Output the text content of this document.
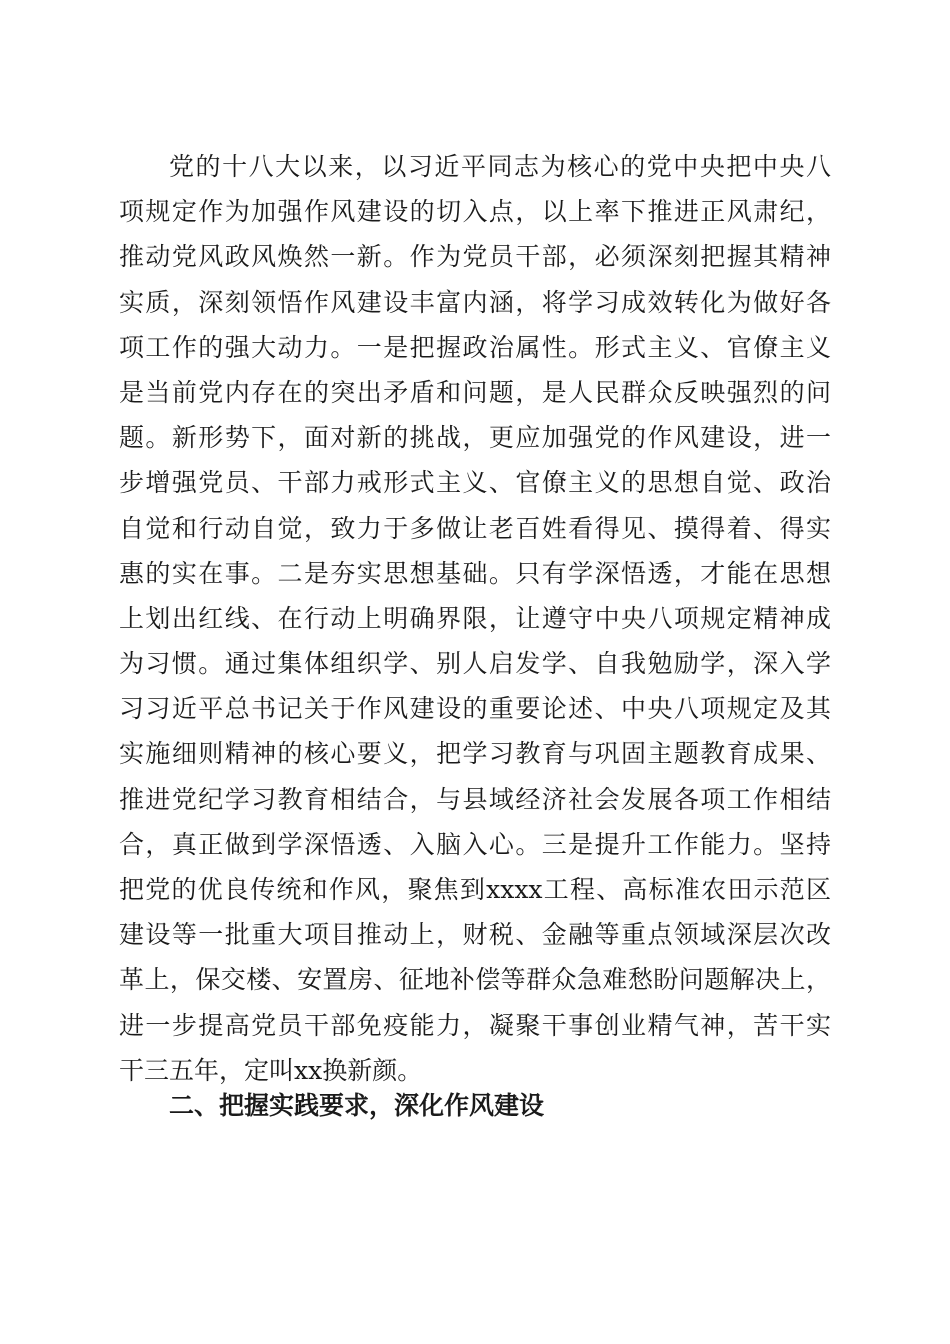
党的十八大以来，以习近平同志为核心的党中央把中央八
项规定作为加强作风建设的切入点，以上率下推进正风肃纪，
推动党风政风焕然一新。作为党员干部，必须深刻把握其精神
实质，深刻领悟作风建设丰富内涵，将学习成效转化为做好各
项工作的强大动力。一是把握政治属性。形式主义、官僚主义
是当前党内存在的突出矛盾和问题，是人民群众反映强烈的问
题。新形势下，面对新的挑战，更应加强党的作风建设，进一
步增强党员、干部力戒形式主义、官僚主义的思想自觉、政治
自觉和行动自觉，致力于多做让老百姓看得见、摸得着、得实
惠的实在事。二是夯实思想基础。只有学深悟透，才能在思想
上划出红线、在行动上明确界限，让遵守中央八项规定精神成
为习惯。通过集体组织学、别人启发学、自我勉励学，深入学
习习近平总书记关于作风建设的重要论述、中央八项规定及其
实施细则精神的核心要义，把学习教育与巩固主题教育成果、
推进党纪学习教育相结合，与县域经济社会发展各项工作相结
合，真正做到学深悟透、入脑入心。三是提升工作能力。坚持
把党的优良传统和作风，聚焦到xxxx工程、高标准农田示范区
建设等一批重大项目推动上，财税、金融等重点领域深层次改
革上，保交楼、安置房、征地补偿等群众急难愁盼问题解决上，
进一步提高党员干部免疫能力，凝聚干事创业精气神，苦干实
干三五年，定叫xx换新颜。
二、把握实践要求，深化作风建设
